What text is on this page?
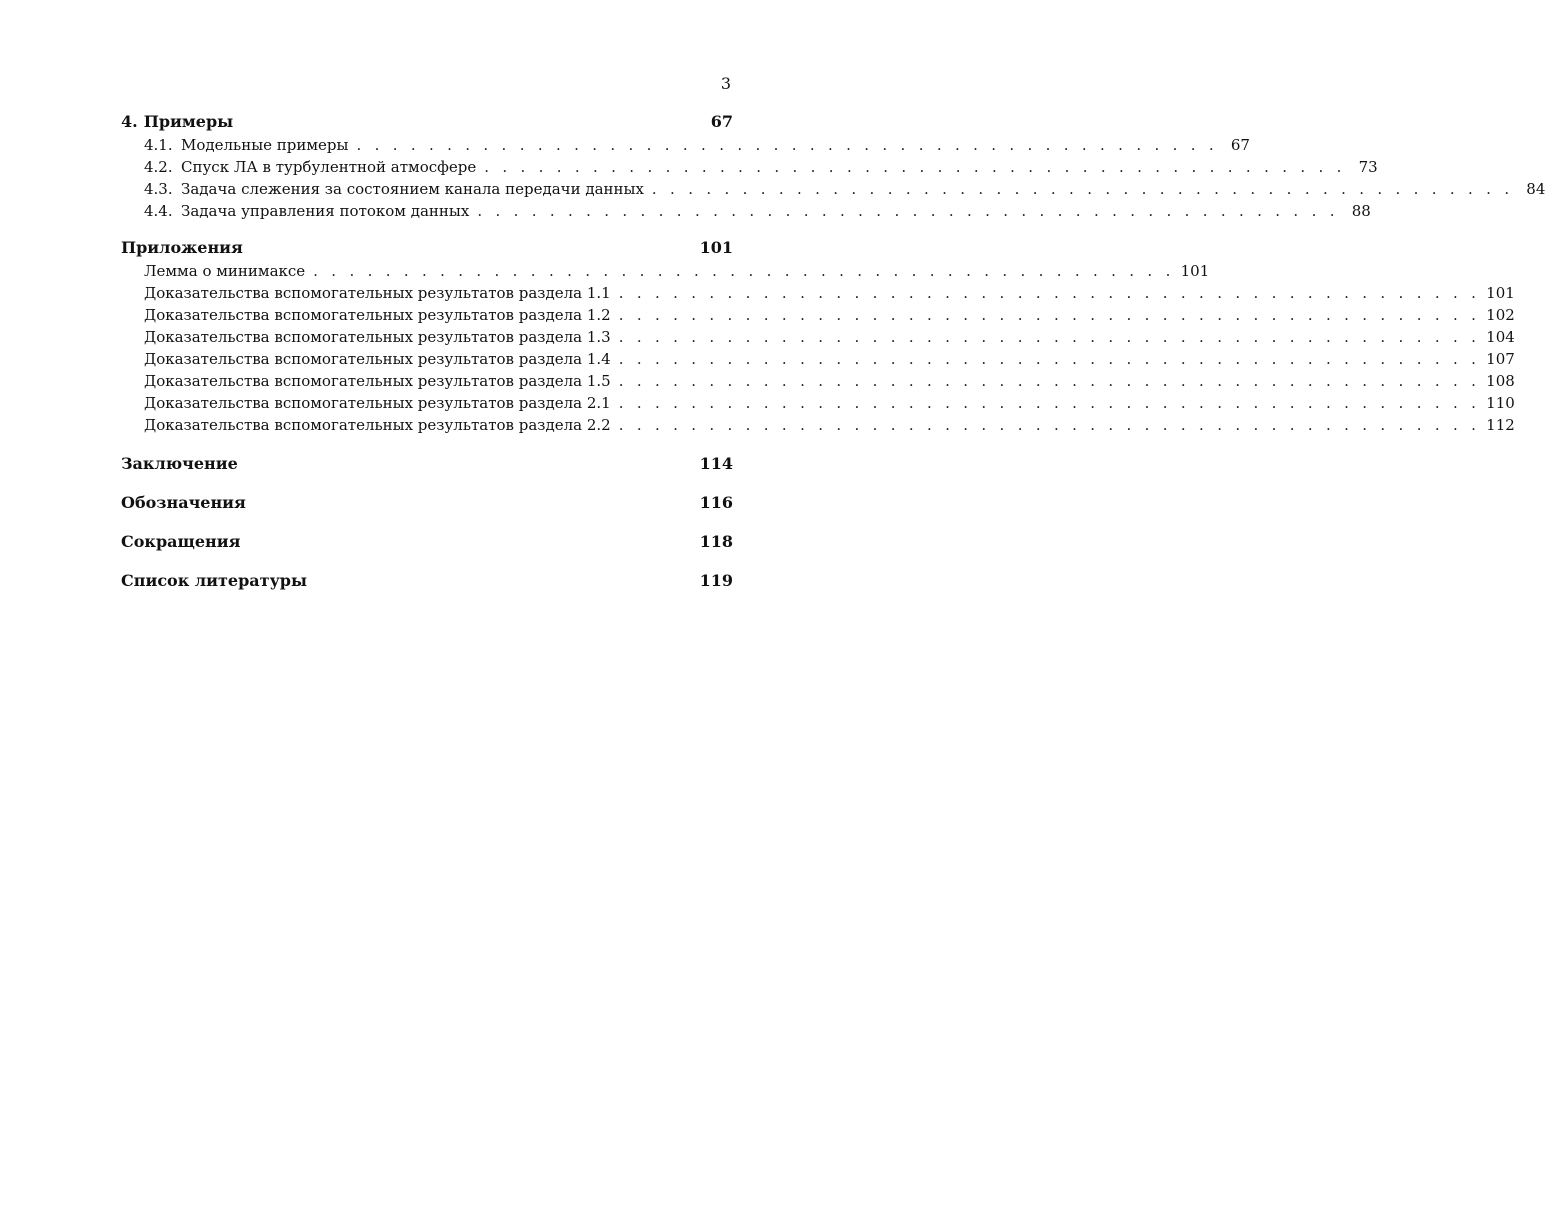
3
4. Примеры	67
4.1. Модельные примеры . . . . . . . . . . . . . . . . . . . . . . . . . . . . . . . . . . . . . . . . . . . . . . . . 67
4.2. Спуск ЛА в турбулентной атмосфере . . . . . . . . . . . . . . . . . . . . . . . . . . . . . . . . . . . . . . . . . . . . . . . . 73
4.3. Задача слежения за состоянием канала передачи данных . . . . . . . . . . . . . . . . . . . . . . . . . . . . . . . . . . . . . . . . . . . . . . . . 84
4.4. Задача управления потоком данных . . . . . . . . . . . . . . . . . . . . . . . . . . . . . . . . . . . . . . . . . . . . . . . . 88
Приложения	101
Лемма о минимаксе . . . . . . . . . . . . . . . . . . . . . . . . . . . . . . . . . . . . . . . . . . . . . . . . 101
Доказательства вспомогательных результатов раздела 1.1 . . . . . . . . . . . . . . . . . . . . . . . . . . . . . . . . . . . . . . . . . . . . . . . . 101
Доказательства вспомогательных результатов раздела 1.2 . . . . . . . . . . . . . . . . . . . . . . . . . . . . . . . . . . . . . . . . . . . . . . . . 102
Доказательства вспомогательных результатов раздела 1.3 . . . . . . . . . . . . . . . . . . . . . . . . . . . . . . . . . . . . . . . . . . . . . . . . 104
Доказательства вспомогательных результатов раздела 1.4 . . . . . . . . . . . . . . . . . . . . . . . . . . . . . . . . . . . . . . . . . . . . . . . . 107
Доказательства вспомогательных результатов раздела 1.5 . . . . . . . . . . . . . . . . . . . . . . . . . . . . . . . . . . . . . . . . . . . . . . . . 108
Доказательства вспомогательных результатов раздела 2.1 . . . . . . . . . . . . . . . . . . . . . . . . . . . . . . . . . . . . . . . . . . . . . . . . 110
Доказательства вспомогательных результатов раздела 2.2 . . . . . . . . . . . . . . . . . . . . . . . . . . . . . . . . . . . . . . . . . . . . . . . . 112
Заключение	114
Обозначения	116
Сокращения	118
Список литературы	119
